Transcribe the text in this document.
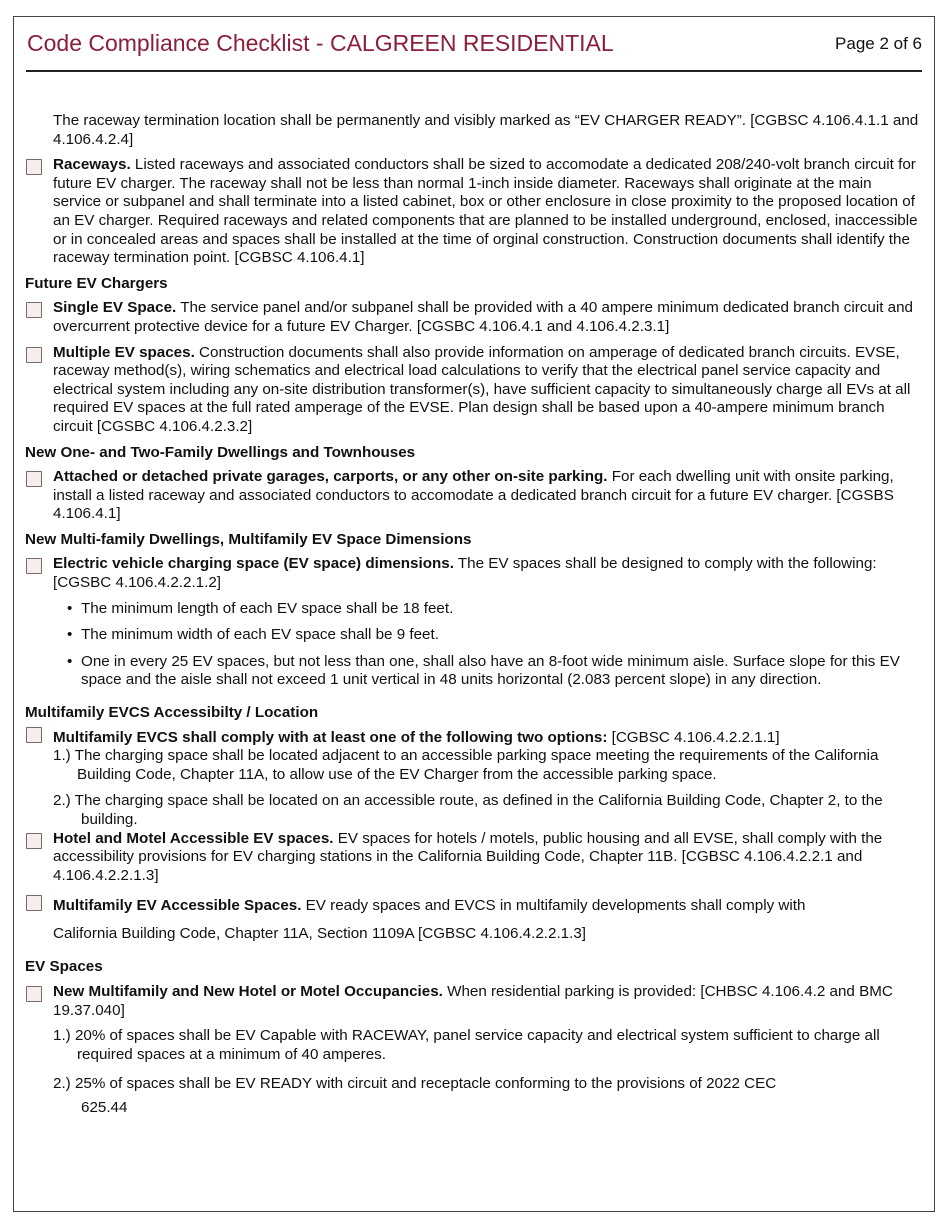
Code Compliance Checklist - CALGREEN RESIDENTIAL	Page 2 of 6
The raceway termination location shall be permanently and visibly marked as “EV CHARGER READY”. [CGBSC 4.106.4.1.1 and 4.106.4.2.4]
Raceways. Listed raceways and associated conductors shall be sized to accomodate a dedicated 208/240-volt branch circuit for future EV charger. The raceway shall not be less than normal 1-inch inside diameter. Raceways shall originate at the main service or subpanel and shall terminate into a listed cabinet, box or other enclosure in close proximity to the proposed location of an EV charger. Required raceways and related components that are planned to be installed underground, enclosed, inaccessible or in concealed areas and spaces shall be installed at the time of orginal construction. Construction documents shall identify the raceway termination point. [CGBSC 4.106.4.1]
Future EV Chargers
Single EV Space. The service panel and/or subpanel shall be provided with a 40 ampere minimum dedicated branch circuit and overcurrent protective device for a future EV Charger. [CGSBC 4.106.4.1 and 4.106.4.2.3.1]
Multiple EV spaces. Construction documents shall also provide information on amperage of dedicated branch circuits. EVSE, raceway method(s), wiring schematics and electrical load calculations to verify that the electrical panel service capacity and electrical system including any on-site distribution transformer(s), have sufficient capacity to simultaneously charge all EVs at all required EV spaces at the full rated amperage of the EVSE. Plan design shall be based upon a 40-ampere minimum branch circuit [CGSBC 4.106.4.2.3.2]
New One- and Two-Family Dwellings and Townhouses
Attached or detached private garages, carports, or any other on-site parking. For each dwelling unit with onsite parking, install a listed raceway and associated conductors to accomodate a dedicated branch circuit for a future EV charger. [CGSBS 4.106.4.1]
New Multi-family Dwellings, Multifamily EV Space Dimensions
Electric vehicle charging space (EV space) dimensions. The EV spaces shall be designed to comply with the following: [CGSBC 4.106.4.2.2.1.2]
• The minimum length of each EV space shall be 18 feet.
• The minimum width of each EV space shall be 9 feet.
• One in every 25 EV spaces, but not less than one, shall also have an 8-foot wide minimum aisle. Surface slope for this EV space and the aisle shall not exceed 1 unit vertical in 48 units horizontal (2.083 percent slope) in any direction.
Multifamily EVCS Accessibilty / Location
Multifamily EVCS shall comply with at least one of the following two options: [CGBSC 4.106.4.2.2.1.1]
1.) The charging space shall be located adjacent to an accessible parking space meeting the requirements of the California Building Code, Chapter 11A, to allow use of the EV Charger from the accessible parking space.
2.) The charging space shall be located on an accessible route, as defined in the California Building Code, Chapter 2, to the building.
Hotel and Motel Accessible EV spaces. EV spaces for hotels / motels, public housing and all EVSE, shall comply with the accessibility provisions for EV charging stations in the California Building Code, Chapter 11B. [CGBSC 4.106.4.2.2.1 and 4.106.4.2.2.1.3]
Multifamily EV Accessible Spaces. EV ready spaces and EVCS in multifamily developments shall comply with
California Building Code, Chapter 11A, Section 1109A [CGBSC 4.106.4.2.2.1.3]
EV Spaces
New Multifamily and New Hotel or Motel Occupancies. When residential parking is provided: [CHBSC 4.106.4.2 and BMC 19.37.040]
1.) 20% of spaces shall be EV Capable with RACEWAY, panel service capacity and electrical system sufficient to charge all required spaces at a minimum of 40 amperes.
2.) 25% of spaces shall be EV READY with circuit and receptacle conforming to the provisions of 2022 CEC
625.44
